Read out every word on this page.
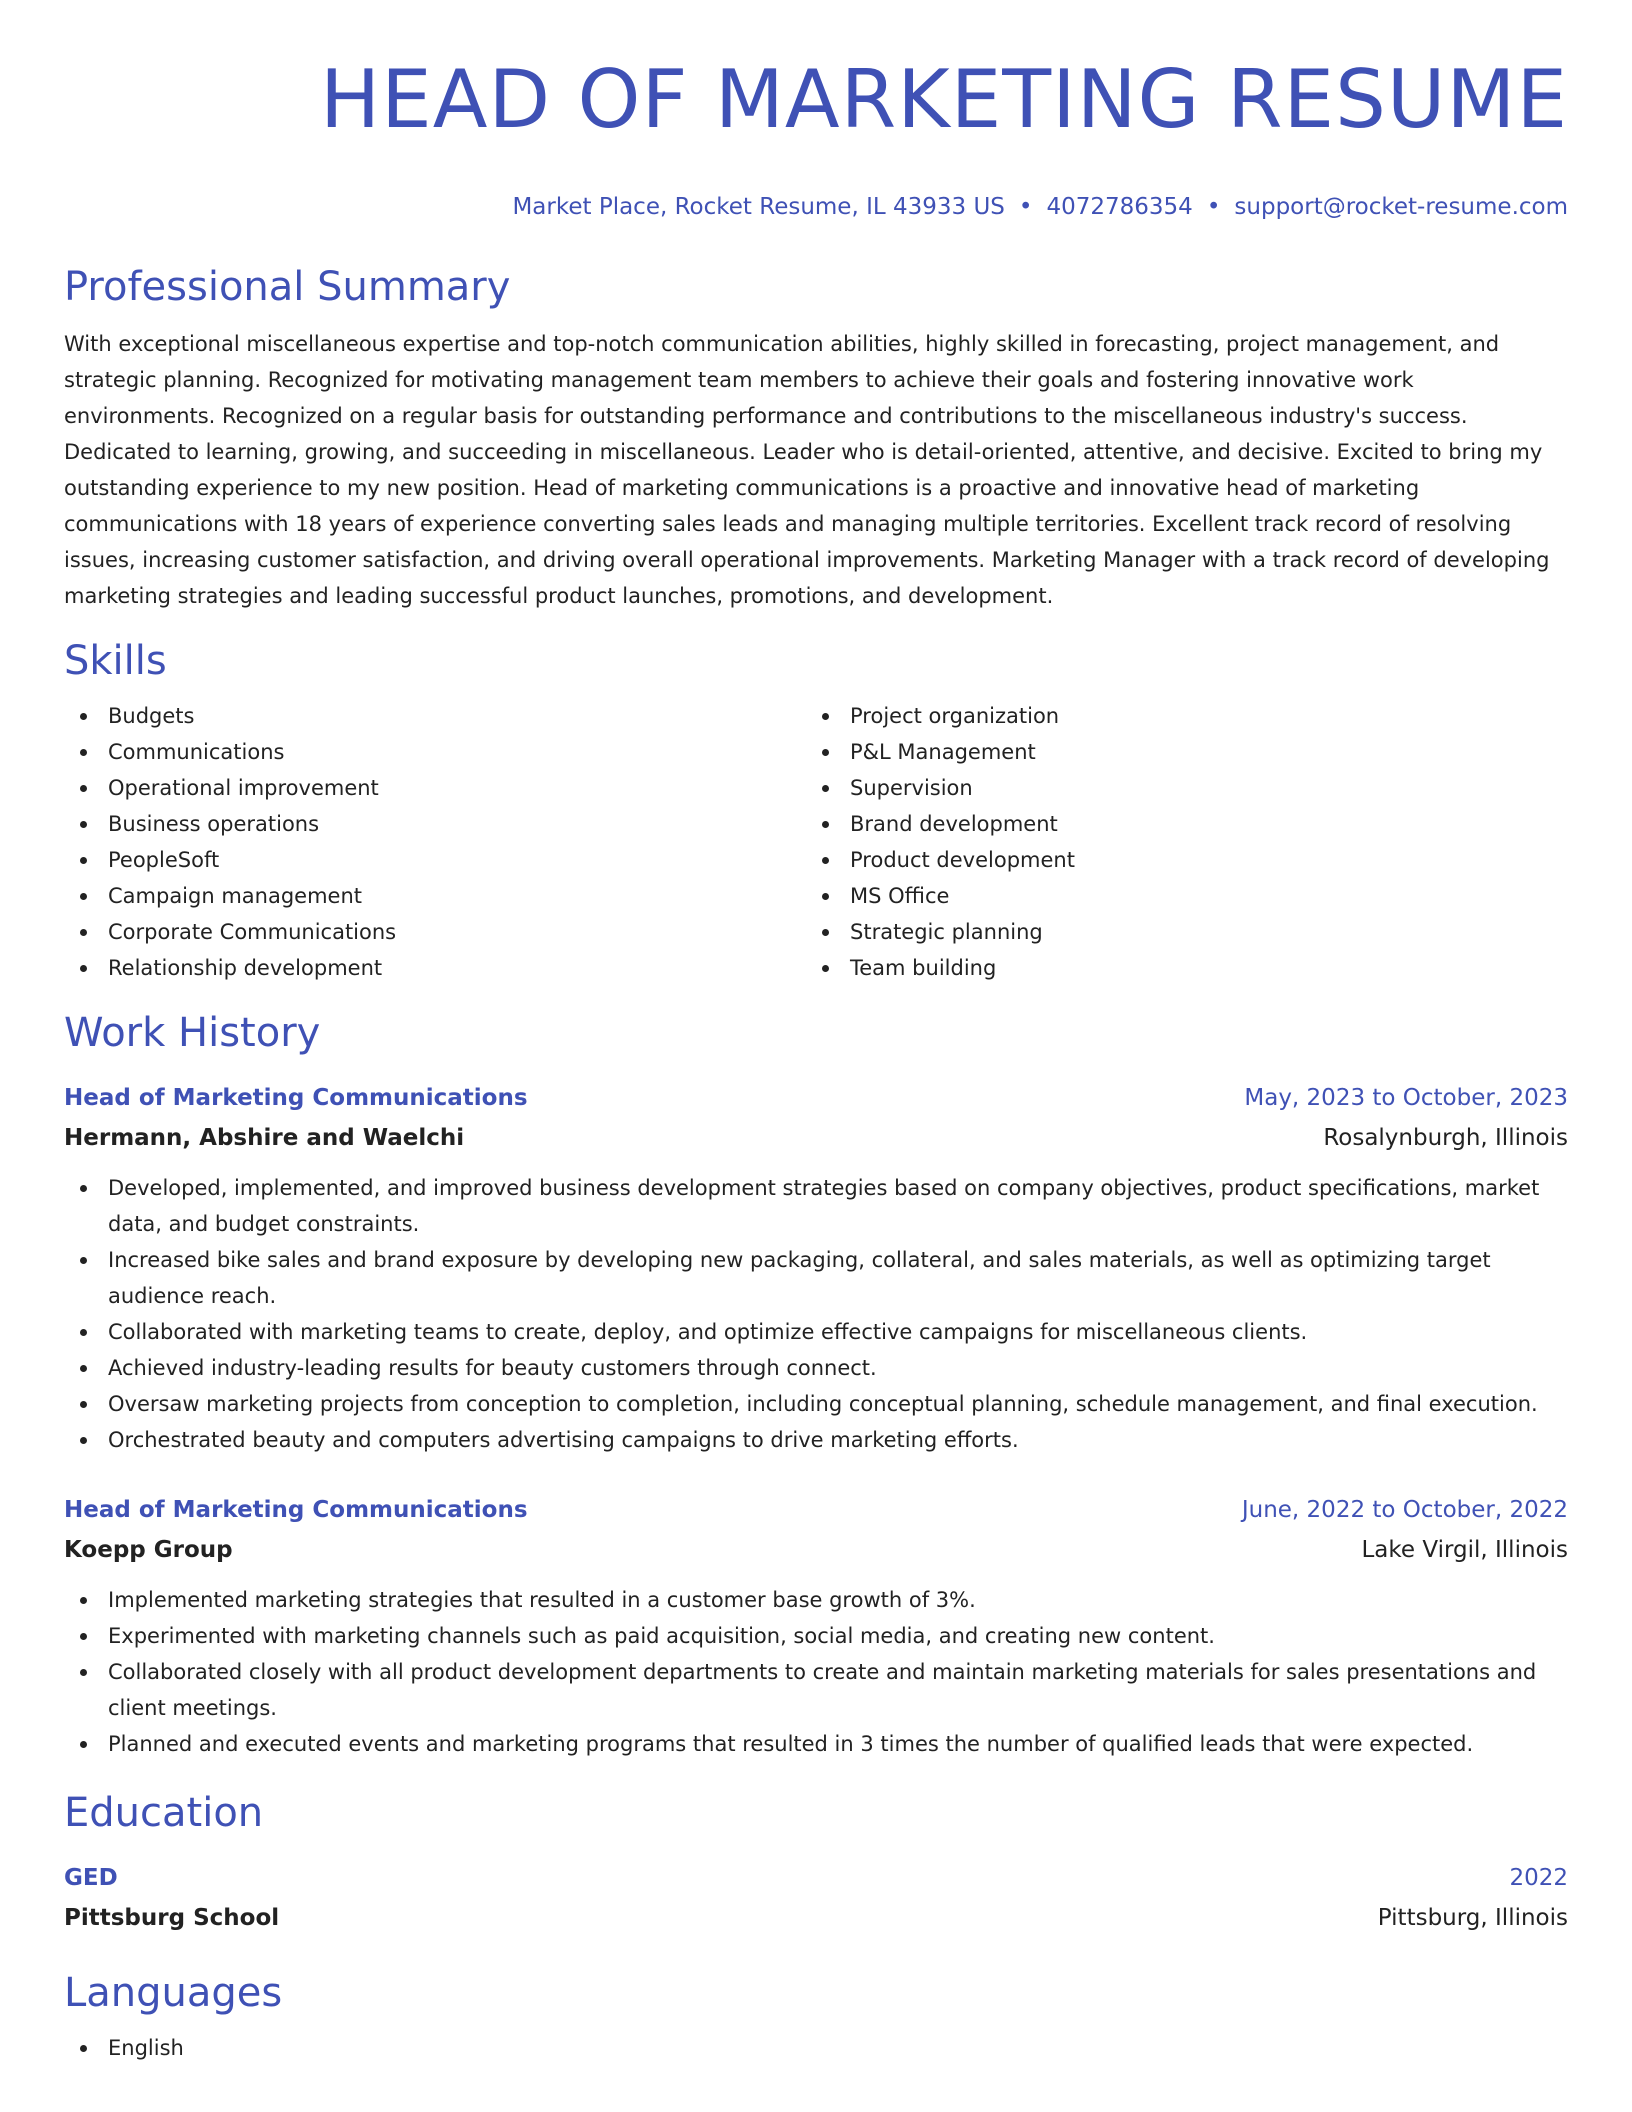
HEAD OF MARKETING RESUME
Market Place, Rocket Resume, IL 43933 US • 4072786354 • support@rocket-resume.com
Professional Summary

With exceptional miscellaneous expertise and top-notch communication abilities, highly skilled in forecasting, project management, and strategic planning. Recognized for motivating management team members to achieve their goals and fostering innovative work environments. Recognized on a regular basis for outstanding performance and contributions to the miscellaneous industry's success. Dedicated to learning, growing, and succeeding in miscellaneous. Leader who is detail-oriented, attentive, and decisive. Excited to bring my outstanding experience to my new position. Head of marketing communications is a proactive and innovative head of marketing communications with 18 years of experience converting sales leads and managing multiple territories. Excellent track record of resolving issues, increasing customer satisfaction, and driving overall operational improvements. Marketing Manager with a track record of developing marketing strategies and leading successful product launches, promotions, and development.

Skills
Budgets
Communications
Operational improvement
Business operations
PeopleSoft
Campaign management
Corporate Communications
Relationship development
Project organization
P&L Management
Supervision
Brand development
Product development
MS Office
Strategic planning
Team building
Work History
Head of Marketing Communications	May, 2023 to October, 2023
Hermann, Abshire and Waelchi	Rosalynburgh, Illinois
Developed, implemented, and improved business development strategies based on company objectives, product specifications, market data, and budget constraints.
Increased bike sales and brand exposure by developing new packaging, collateral, and sales materials, as well as optimizing target audience reach.
Collaborated with marketing teams to create, deploy, and optimize effective campaigns for miscellaneous clients.
Achieved industry-leading results for beauty customers through connect.
Oversaw marketing projects from conception to completion, including conceptual planning, schedule management, and final execution.
Orchestrated beauty and computers advertising campaigns to drive marketing efforts.
Head of Marketing Communications	June, 2022 to October, 2022
Koepp Group	Lake Virgil, Illinois
Implemented marketing strategies that resulted in a customer base growth of 3%.
Experimented with marketing channels such as paid acquisition, social media, and creating new content.
Collaborated closely with all product development departments to create and maintain marketing materials for sales presentations and client meetings.
Planned and executed events and marketing programs that resulted in 3 times the number of qualified leads that were expected.
Education
GED	2022
Pittsburg School	Pittsburg, Illinois
Languages
English
